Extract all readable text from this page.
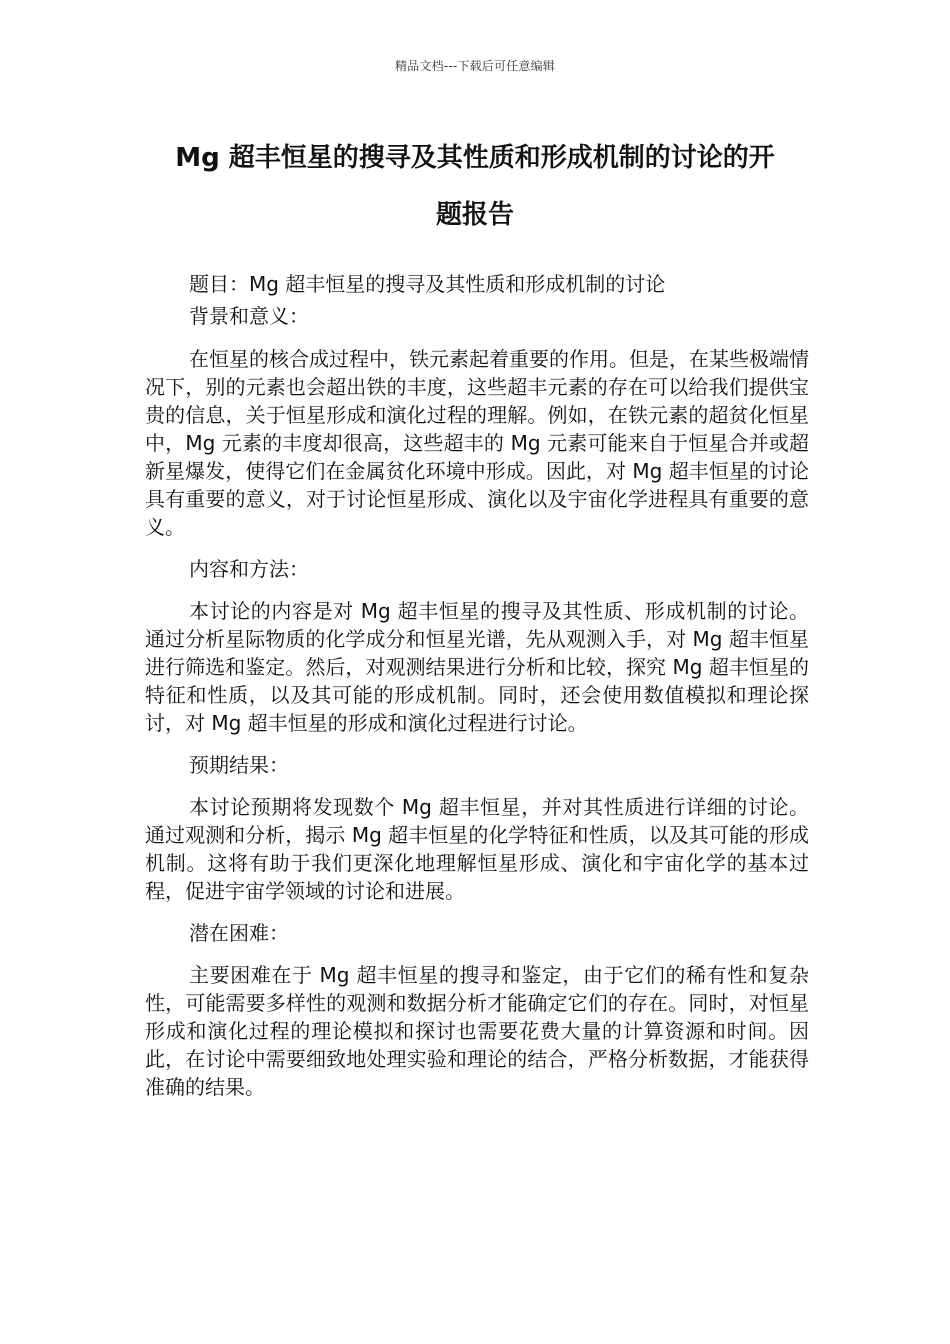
精品文档---下载后可任意编辑
Mg 超丰恒星的搜寻及其性质和形成机制的讨论的开
题报告

题目：Mg 超丰恒星的搜寻及其性质和形成机制的讨论

背景和意义：

在恒星的核合成过程中，铁元素起着重要的作用。但是，在某些极端情况下，别的元素也会超出铁的丰度，这些超丰元素的存在可以给我们提供宝贵的信息，关于恒星形成和演化过程的理解。例如，在铁元素的超贫化恒星中，Mg 元素的丰度却很高，这些超丰的 Mg 元素可能来自于恒星合并或超新星爆发，使得它们在金属贫化环境中形成。因此，对 Mg 超丰恒星的讨论具有重要的意义，对于讨论恒星形成、演化以及宇宙化学进程具有重要的意义。

内容和方法：

本讨论的内容是对 Mg 超丰恒星的搜寻及其性质、形成机制的讨论。通过分析星际物质的化学成分和恒星光谱，先从观测入手，对 Mg 超丰恒星进行筛选和鉴定。然后，对观测结果进行分析和比较，探究 Mg 超丰恒星的特征和性质，以及其可能的形成机制。同时，还会使用数值模拟和理论探讨，对 Mg 超丰恒星的形成和演化过程进行讨论。

预期结果：

本讨论预期将发现数个 Mg 超丰恒星，并对其性质进行详细的讨论。通过观测和分析，揭示 Mg 超丰恒星的化学特征和性质，以及其可能的形成机制。这将有助于我们更深化地理解恒星形成、演化和宇宙化学的基本过程，促进宇宙学领域的讨论和进展。

潜在困难：

主要困难在于 Mg 超丰恒星的搜寻和鉴定，由于它们的稀有性和复杂性，可能需要多样性的观测和数据分析才能确定它们的存在。同时，对恒星形成和演化过程的理论模拟和探讨也需要花费大量的计算资源和时间。因此，在讨论中需要细致地处理实验和理论的结合，严格分析数据，才能获得准确的结果。
